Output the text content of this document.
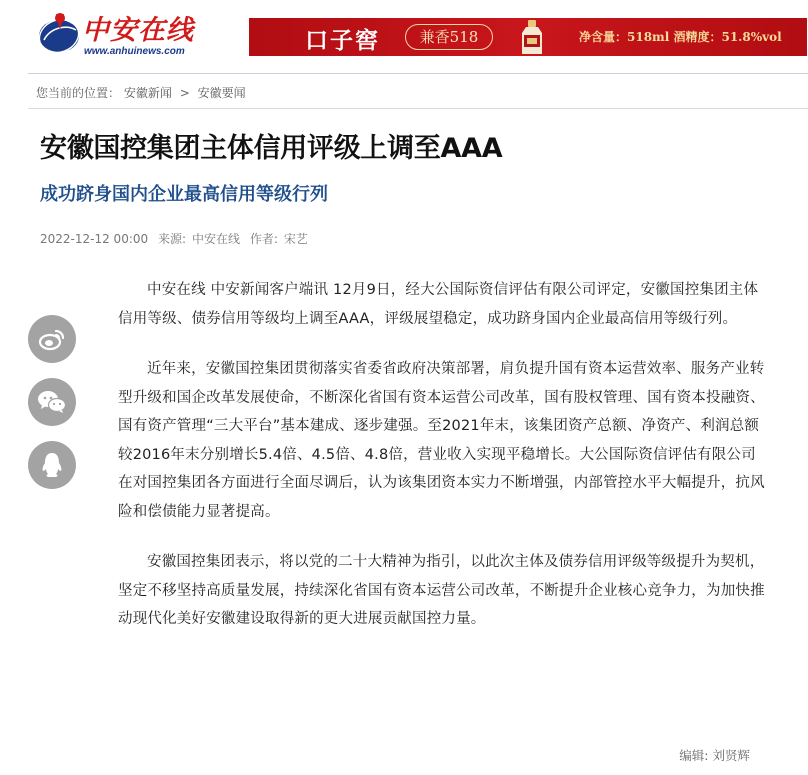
中安在线
www.anhuinews.com	口子窖	兼香518	净含量：518ml 酒精度：51.8%vol
您当前的位置： 安徽新闻 > 安徽要闻
安徽国控集团主体信用评级上调至AAA
成功跻身国内企业最高信用等级行列
2022-12-12 00:00 来源: 中安在线 作者: 宋艺

中安在线 中安新闻客户端讯 12月9日，经大公国际资信评估有限公司评定，安徽国控集团主体信用等级、债券信用等级均上调至AAA，评级展望稳定，成功跻身国内企业最高信用等级行列。

近年来，安徽国控集团贯彻落实省委省政府决策部署，肩负提升国有资本运营效率、服务产业转型升级和国企改革发展使命，不断深化省国有资本运营公司改革，国有股权管理、国有资本投融资、国有资产管理“三大平台”基本建成、逐步建强。至2021年末，该集团资产总额、净资产、利润总额较2016年末分别增长5.4倍、4.5倍、4.8倍，营业收入实现平稳增长。大公国际资信评估有限公司在对国控集团各方面进行全面尽调后，认为该集团资本实力不断增强，内部管控水平大幅提升，抗风险和偿债能力显著提高。

安徽国控集团表示，将以党的二十大精神为指引，以此次主体及债券信用评级等级提升为契机，坚定不移坚持高质量发展，持续深化省国有资本运营公司改革，不断提升企业核心竞争力，为加快推动现代化美好安徽建设取得新的更大进展贡献国控力量。

编辑: 刘贤辉
